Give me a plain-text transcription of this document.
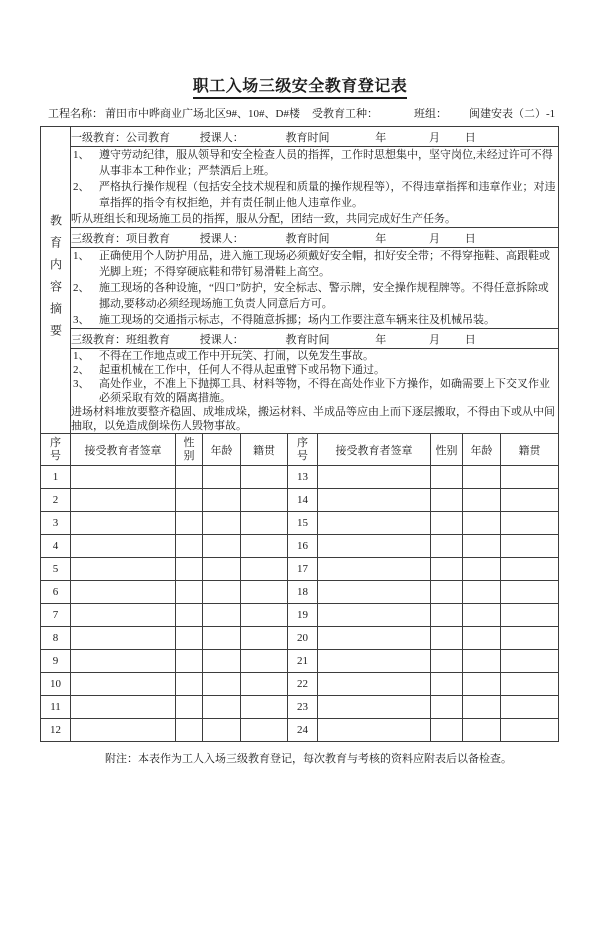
职工入场三级安全教育登记表
工程名称： 莆田市中晔商业广场北区9#、10#、D#楼 受教育工种：	班组： 闽建安表（二）-1
教育内容摘要	一级教育：公司教育 授课人： 教育时间 年 月 日								

	1、 遵守劳动纪律，服从领导和安全检查人员的指挥，工作时思想集中，坚守岗位,未经过许可不得从事非本工种作业；严禁酒后上班。
2、 严格执行操作规程（包括安全技术规程和质量的操作规程等），不得违章指挥和违章作业；对违章指挥的指令有权拒绝，并有责任制止他人违章作业。
听从班组长和现场施工员的指挥，服从分配，团结一致，共同完成好生产任务。								

	三级教育：项目教育 授课人： 教育时间 年 月 日								

1、 正确使用个人防护用品，进入施工现场必须戴好安全帽，扣好安全带；不得穿拖鞋、高跟鞋或光脚上班；不得穿硬底鞋和带钉易滑鞋上高空。
2、 施工现场的各种设施，“四口”防护，安全标志、警示牌，安全操作规程牌等。不得任意拆除或挪动,要移动必须经现场施工负责人同意后方可。
3、 施工现场的交通指示标志，不得随意拆挪；场内工作要注意车辆来往及机械吊装。

	三级教育：班组教育 授课人： 教育时间 年 月 日								

1、 不得在工作地点或工作中开玩笑、打闹，以免发生事故。
2、 起重机械在工作中，任何人不得从起重臂下或吊物下通过。
3、 高处作业，不准上下抛掷工具、材料等物，不得在高处作业下方操作，如确需要上下交叉作业必须采取有效的隔离措施。
进场材料堆放要整齐稳固、成堆成垛，搬运材料、半成品等应由上而下逐层搬取，不得由下或从中间抽取，以免造成倒垛伤人毁物事故。

序号	接受教育者签章	性别	年龄	籍贯	序号	接受教育者签章	性别	年龄	籍贯
1					13				
2					14				
3					15				
4					16				
5					17				
6					18				
7					19				
8					20				
9					21				
10					22				
11					23				
12					24				
附注：本表作为工人入场三级教育登记，每次教育与考核的资料应附表后以备检查。
